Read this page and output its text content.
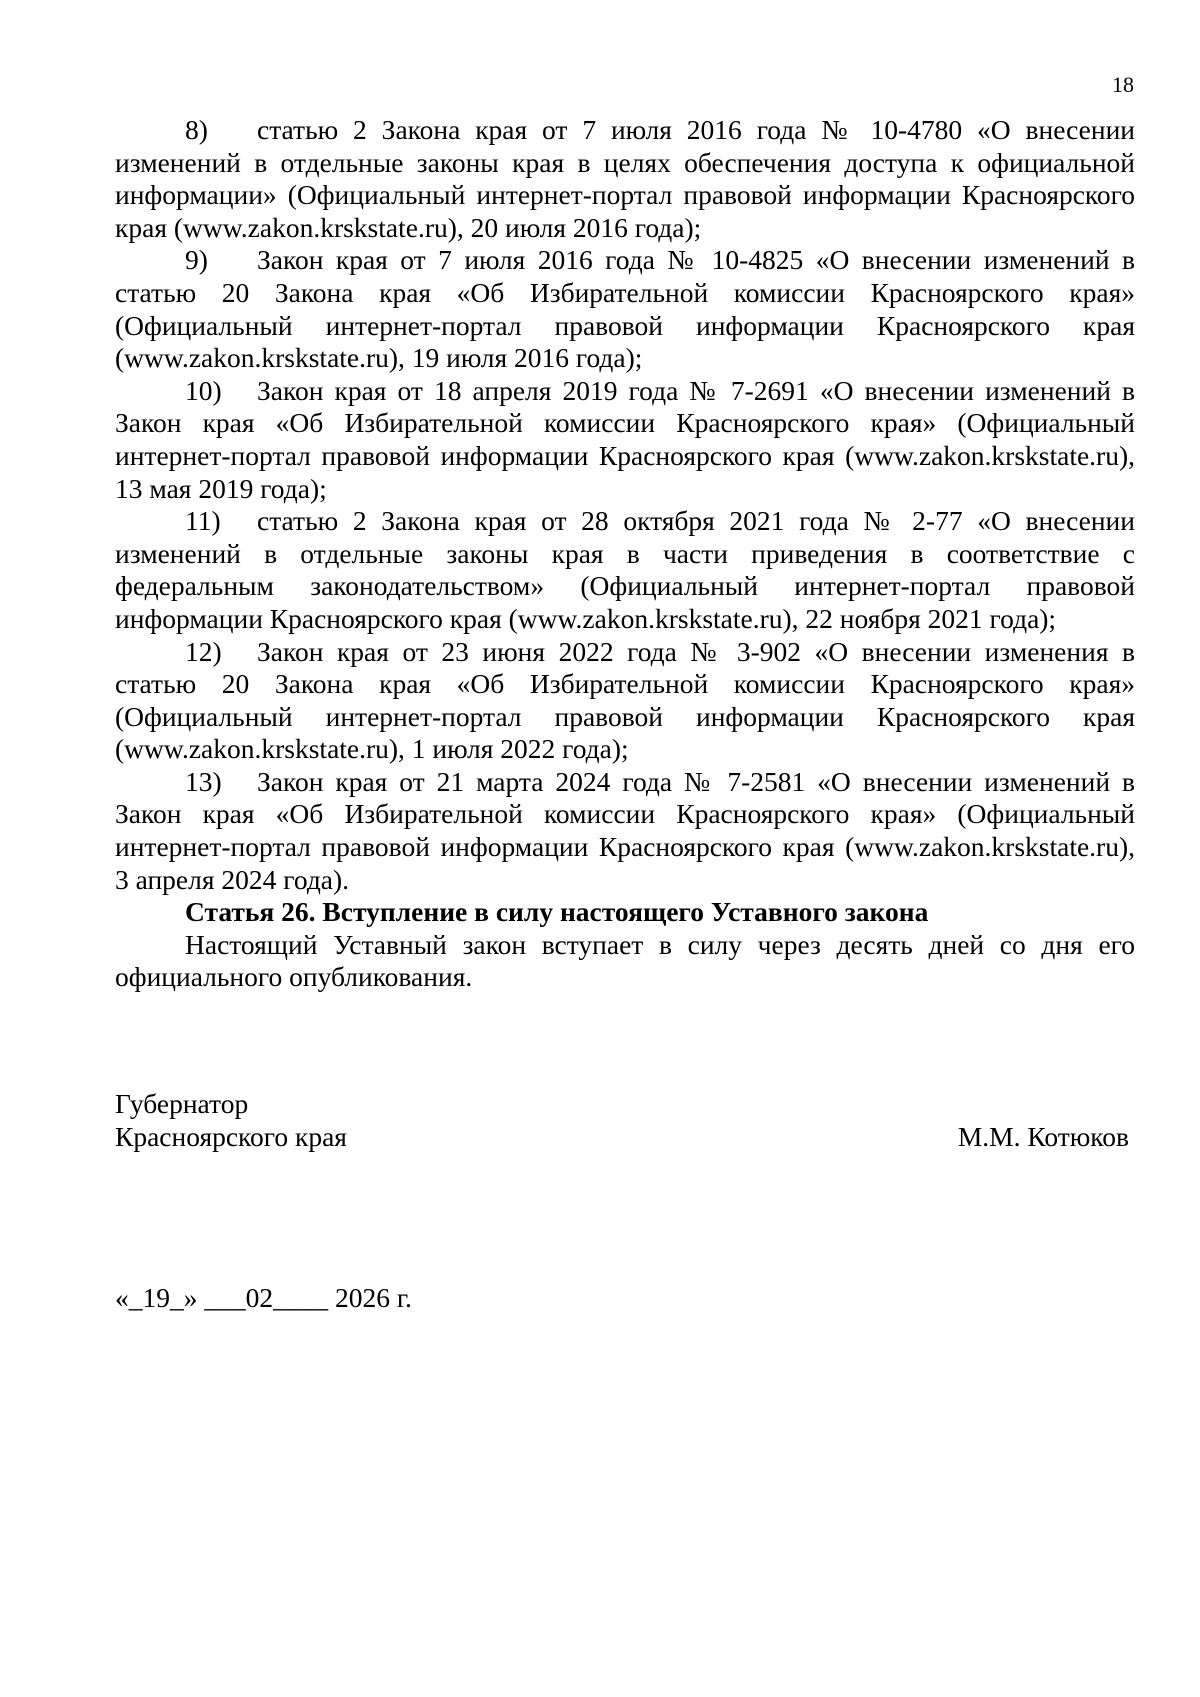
18

8) статью 2 Закона края от 7 июля 2016 года № 10-4780 «О внесении изменений в отдельные законы края в целях обеспечения доступа к официальной информации» (Официальный интернет-портал правовой информации Красноярского края (www.zakon.krskstate.ru), 20 июля 2016 года);

9) Закон края от 7 июля 2016 года № 10-4825 «О внесении изменений в статью 20 Закона края «Об Избирательной комиссии Красноярского края» (Официальный интернет-портал правовой информации Красноярского края (www.zakon.krskstate.ru), 19 июля 2016 года);

10) Закон края от 18 апреля 2019 года № 7-2691 «О внесении изменений в Закон края «Об Избирательной комиссии Красноярского края» (Официальный интернет-портал правовой информации Красноярского края (www.zakon.krskstate.ru), 13 мая 2019 года);

11) статью 2 Закона края от 28 октября 2021 года № 2-77 «О внесении изменений в отдельные законы края в части приведения в соответствие с федеральным законодательством» (Официальный интернет-портал правовой информации Красноярского края (www.zakon.krskstate.ru), 22 ноября 2021 года);

12) Закон края от 23 июня 2022 года № 3-902 «О внесении изменения в статью 20 Закона края «Об Избирательной комиссии Красноярского края» (Официальный интернет-портал правовой информации Красноярского края (www.zakon.krskstate.ru), 1 июля 2022 года);

13) Закон края от 21 марта 2024 года № 7-2581 «О внесении изменений в Закон края «Об Избирательной комиссии Красноярского края» (Официальный интернет-портал правовой информации Красноярского края (www.zakon.krskstate.ru), 3 апреля 2024 года).

Статья 26. Вступление в силу настоящего Уставного закона

Настоящий Уставный закон вступает в силу через десять дней со дня его официального опубликования.

Губернатор
Красноярского края	М.М. Котюков
«_19_» ___02____ 2026 г.
